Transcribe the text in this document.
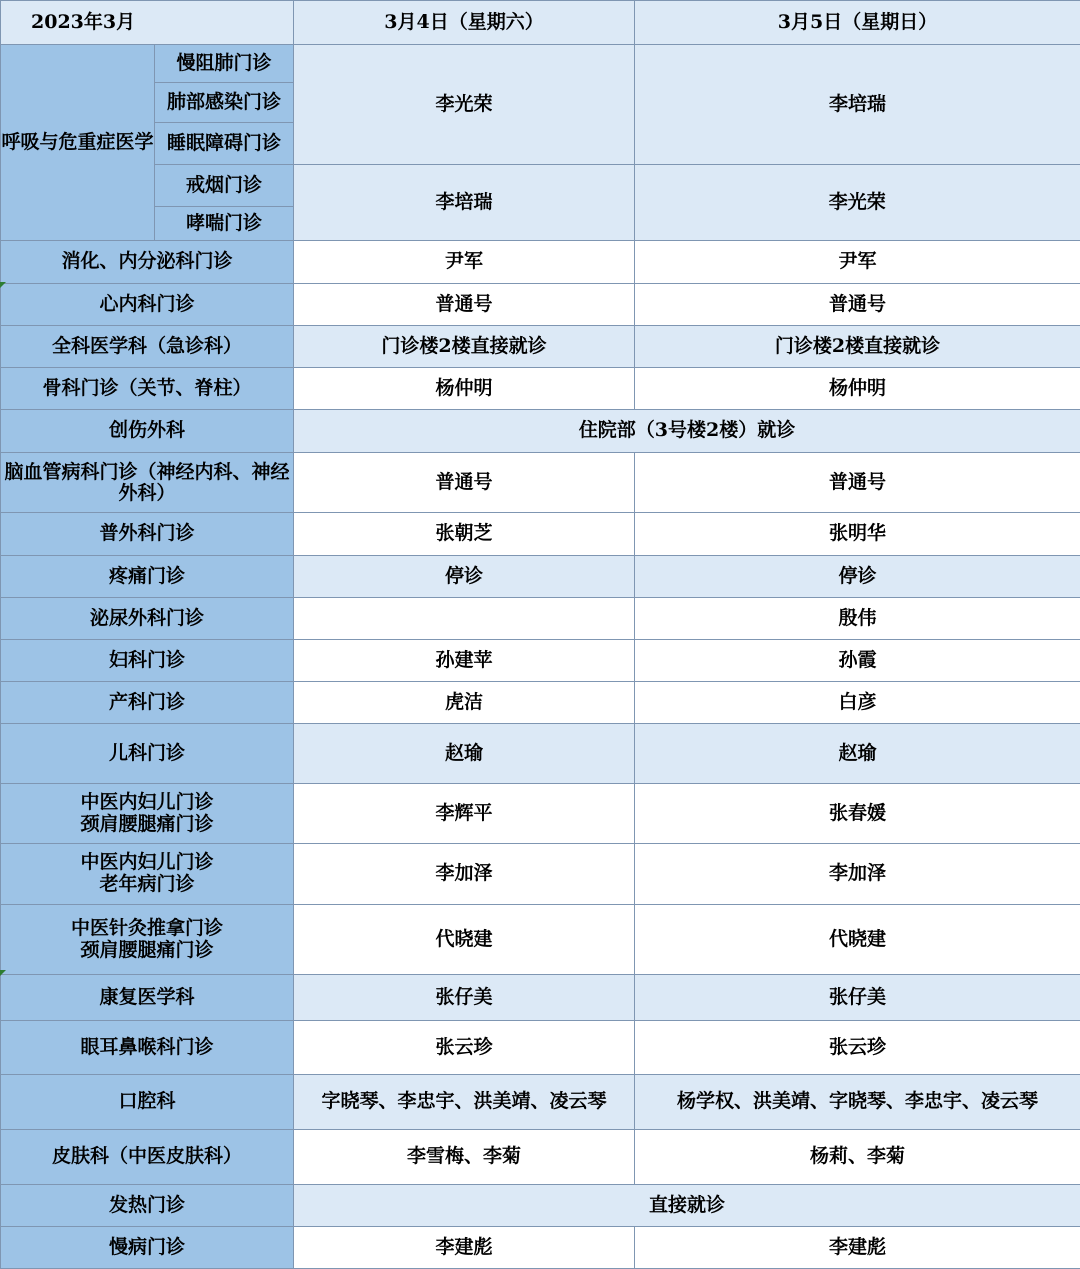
2023年3月		3月4日（星期六）	3月5日（星期日）
呼吸与危重症医学	慢阻肺门诊	李光荣	李培瑞
	肺部感染门诊		
	睡眠障碍门诊		
	戒烟门诊	李培瑞	李光荣
	哮喘门诊		
消化、内分泌科门诊		尹军	尹军
心内科门诊		普通号	普通号
全科医学科（急诊科）		门诊楼2楼直接就诊	门诊楼2楼直接就诊
骨科门诊（关节、脊柱）		杨仲明	杨仲明
创伤外科		住院部（3号楼2楼）就诊	
脑血管病科门诊（神经内科、神经外科）		普通号	普通号
普外科门诊		张朝芝	张明华
疼痛门诊		停诊	停诊
泌尿外科门诊			殷伟
妇科门诊		孙建苹	孙霞
产科门诊		虎洁	白彦
儿科门诊		赵瑜	赵瑜

中医内妇儿门诊
颈肩腰腿痛门诊		李辉平	张春媛

中医内妇儿门诊
老年病门诊		李加泽	李加泽

中医针灸推拿门诊
颈肩腰腿痛门诊		代晓建	代晓建
康复医学科		张仔美	张仔美
眼耳鼻喉科门诊		张云珍	张云珍
口腔科		字晓琴、李忠宇、洪美靖、凌云琴	杨学权、洪美靖、字晓琴、李忠宇、凌云琴
皮肤科（中医皮肤科）		李雪梅、李菊	杨莉、李菊
发热门诊		直接就诊	
慢病门诊		李建彪	李建彪
